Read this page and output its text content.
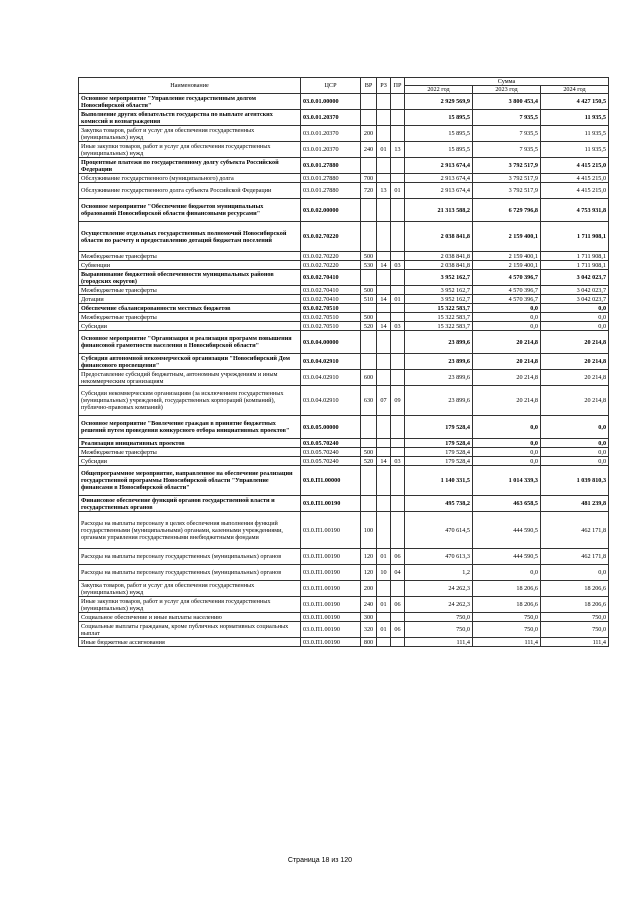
Наименование	ЦСР	ВР	РЗ	ПР	Сумма		
					2022 год	2023 год	2024 год
Основное мероприятие "Управление государственным долгом Новосибирской области"	03.0.01.00000				2 929 569,9	3 800 453,4	4 427 150,5
Выполнение других обязательств государства по выплате агентских комиссий и вознаграждения	03.0.01.20370				15 895,5	7 935,5	11 935,5
Закупка товаров, работ и услуг для обеспечения государственных (муниципальных) нужд	03.0.01.20370	200			15 895,5	7 935,5	11 935,5
Иные закупки товаров, работ и услуг для обеспечения государственных (муниципальных) нужд	03.0.01.20370	240	01	13	15 895,5	7 935,5	11 935,5
Процентные платежи по государственному долгу субъекта Российской Федерации	03.0.01.27880				2 913 674,4	3 792 517,9	4 415 215,0
Обслуживание государственного (муниципального) долга	03.0.01.27880	700			2 913 674,4	3 792 517,9	4 415 215,0
Обслуживание государственного долга субъекта Российской Федерации	03.0.01.27880	720	13	01	2 913 674,4	3 792 517,9	4 415 215,0
Основное мероприятие "Обеспечение бюджетов муниципальных образований Новосибирской области финансовыми ресурсами"	03.0.02.00000				21 313 588,2	6 729 796,8	4 753 931,8
Осуществление отдельных государственных полномочий Новосибирской области по расчету и предоставлению дотаций бюджетам поселений	03.0.02.70220				2 038 841,8	2 159 400,1	1 711 908,1
Межбюджетные трансферты	03.0.02.70220	500			2 038 841,8	2 159 400,1	1 711 908,1
Субвенции	03.0.02.70220	530	14	03	2 038 841,8	2 159 400,1	1 711 908,1
Выравнивание бюджетной обеспеченности муниципальных районов (городских округов)	03.0.02.70410				3 952 162,7	4 570 396,7	3 042 023,7
Межбюджетные трансферты	03.0.02.70410	500			3 952 162,7	4 570 396,7	3 042 023,7
Дотации	03.0.02.70410	510	14	01	3 952 162,7	4 570 396,7	3 042 023,7
Обеспечение сбалансированности местных бюджетов	03.0.02.70510				15 322 583,7	0,0	0,0
Межбюджетные трансферты	03.0.02.70510	500			15 322 583,7	0,0	0,0
Субсидии	03.0.02.70510	520	14	03	15 322 583,7	0,0	0,0
Основное мероприятие "Организация и реализация программ повышения финансовой грамотности населения в Новосибирской области"	03.0.04.00000				23 899,6	20 214,8	20 214,8
Субсидия автономной некоммерческой организации "Новосибирский Дом финансового просвещения"	03.0.04.02910				23 899,6	20 214,8	20 214,8
Предоставление субсидий бюджетным, автономным учреждениям и иным некоммерческим организациям	03.0.04.02910	600			23 899,6	20 214,8	20 214,8
Субсидии некоммерческим организациям (за исключением государственных (муниципальных) учреждений, государственных корпораций (компаний), публично-правовых компаний)	03.0.04.02910	630	07	09	23 899,6	20 214,8	20 214,8
Основное мероприятие "Вовлечение граждан в принятие бюджетных решений путем проведения конкурсного отбора инициативных проектов"	03.0.05.00000				179 528,4	0,0	0,0
Реализация инициативных проектов	03.0.05.70240				179 528,4	0,0	0,0
Межбюджетные трансферты	03.0.05.70240	500			179 528,4	0,0	0,0
Субсидии	03.0.05.70240	520	14	03	179 528,4	0,0	0,0
Общепрограммное мероприятие, направленное на обеспечение реализации государственной программы Новосибирской области "Управление финансами в Новосибирской области"	03.0.П1.00000				1 140 331,5	1 014 339,3	1 039 810,3
Финансовое обеспечение функций органов государственной власти и государственных органов	03.0.П1.00190				495 738,2	463 658,5	481 239,8
Расходы на выплаты персоналу в целях обеспечения выполнения функций государственными (муниципальными) органами, казенными учреждениями, органами управления государственными внебюджетными фондами	03.0.П1.00190	100			470 614,5	444 590,5	462 171,8
Расходы на выплаты персоналу государственных (муниципальных) органов	03.0.П1.00190	120	01	06	470 613,3	444 590,5	462 171,8
Расходы на выплаты персоналу государственных (муниципальных) органов	03.0.П1.00190	120	10	04	1,2	0,0	0,0
Закупка товаров, работ и услуг для обеспечения государственных (муниципальных) нужд	03.0.П1.00190	200			24 262,3	18 206,6	18 206,6
Иные закупки товаров, работ и услуг для обеспечения государственных (муниципальных) нужд	03.0.П1.00190	240	01	06	24 262,3	18 206,6	18 206,6
Социальное обеспечение и иные выплаты населению	03.0.П1.00190	300			750,0	750,0	750,0
Социальные выплаты гражданам, кроме публичных нормативных социальных выплат	03.0.П1.00190	320	01	06	750,0	750,0	750,0
Иные бюджетные ассигнования	03.0.П1.00190	800			111,4	111,4	111,4
Страница 18 из 120
